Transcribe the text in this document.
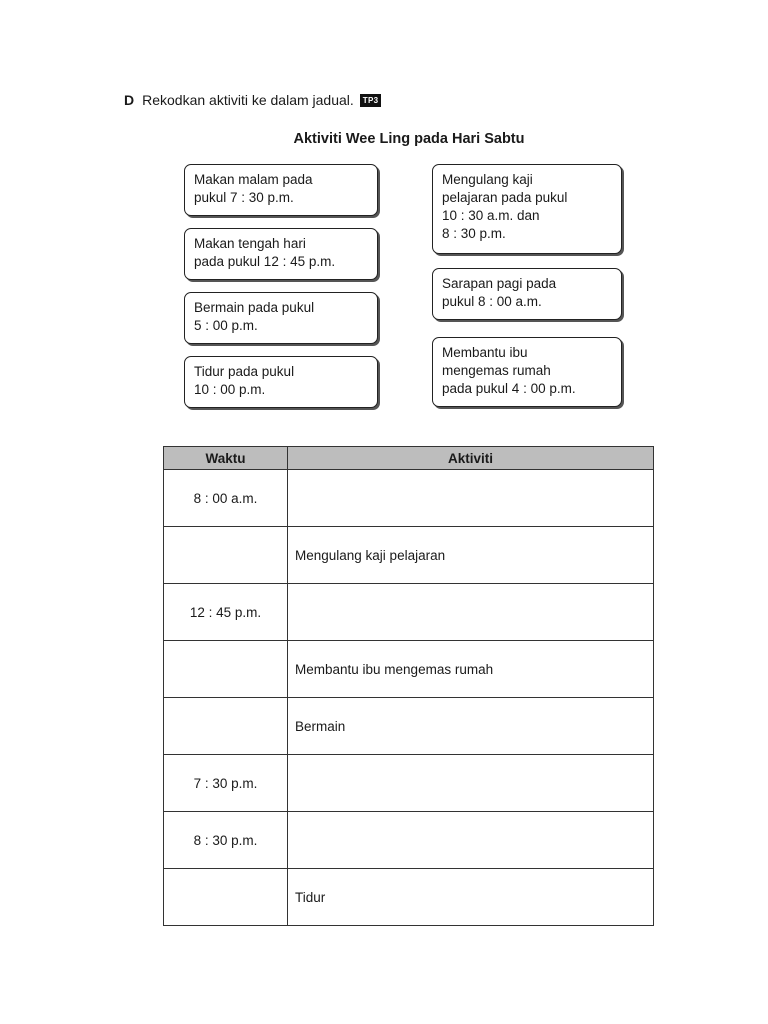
D Rekodkan aktiviti ke dalam jadual.	TP3
Aktiviti Wee Ling pada Hari Sabtu
Makan malam pada
pukul 7 : 30 p.m.
Makan tengah hari
pada pukul 12 : 45 p.m.
Bermain pada pukul
5 : 00 p.m.
Tidur pada pukul
10 : 00 p.m.
Mengulang kaji
pelajaran pada pukul
10 : 30 a.m. dan
8 : 30 p.m.
Sarapan pagi pada
pukul 8 : 00 a.m.
Membantu ibu
mengemas rumah
pada pukul 4 : 00 p.m.
Waktu	Aktiviti
8 : 00 a.m.	
	Mengulang kaji pelajaran
12 : 45 p.m.	
	Membantu ibu mengemas rumah
	Bermain
7 : 30 p.m.	
8 : 30 p.m.	
	Tidur
